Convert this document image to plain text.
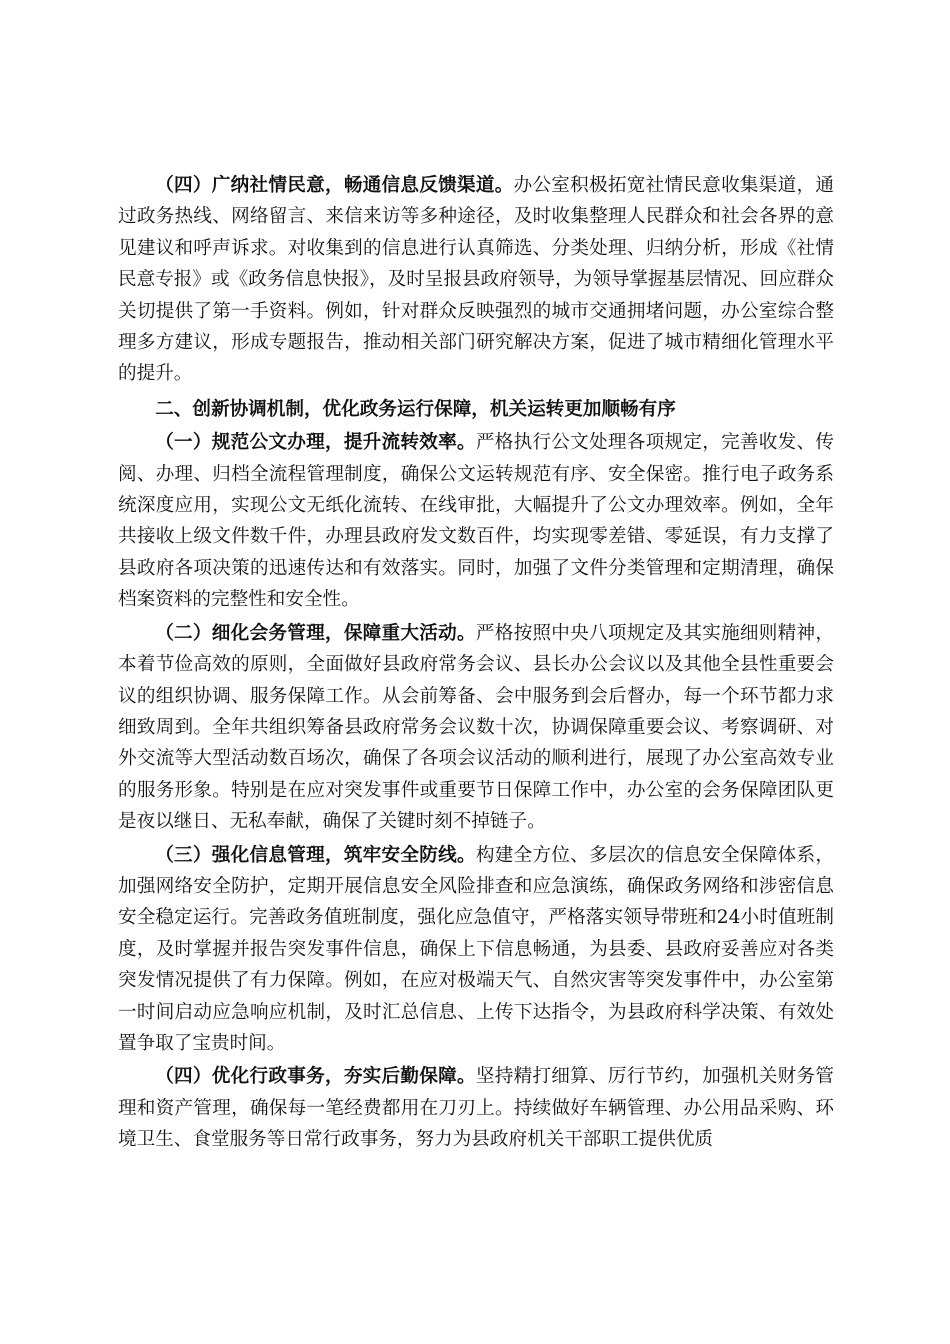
（四）广纳社情民意，畅通信息反馈渠道。办公室积极拓宽社情民意收集渠道，通过政务热线、网络留言、来信来访等多种途径，及时收集整理人民群众和社会各界的意见建议和呼声诉求。对收集到的信息进行认真筛选、分类处理、归纳分析，形成《社情民意专报》或《政务信息快报》，及时呈报县政府领导，为领导掌握基层情况、回应群众关切提供了第一手资料。例如，针对群众反映强烈的城市交通拥堵问题，办公室综合整理多方建议，形成专题报告，推动相关部门研究解决方案，促进了城市精细化管理水平的提升。

二、创新协调机制，优化政务运行保障，机关运转更加顺畅有序

（一）规范公文办理，提升流转效率。严格执行公文处理各项规定，完善收发、传阅、办理、归档全流程管理制度，确保公文运转规范有序、安全保密。推行电子政务系统深度应用，实现公文无纸化流转、在线审批，大幅提升了公文办理效率。例如，全年共接收上级文件数千件，办理县政府发文数百件，均实现零差错、零延误，有力支撑了县政府各项决策的迅速传达和有效落实。同时，加强了文件分类管理和定期清理，确保档案资料的完整性和安全性。

（二）细化会务管理，保障重大活动。严格按照中央八项规定及其实施细则精神，本着节俭高效的原则，全面做好县政府常务会议、县长办公会议以及其他全县性重要会议的组织协调、服务保障工作。从会前筹备、会中服务到会后督办，每一个环节都力求细致周到。全年共组织筹备县政府常务会议数十次，协调保障重要会议、考察调研、对外交流等大型活动数百场次，确保了各项会议活动的顺利进行，展现了办公室高效专业的服务形象。特别是在应对突发事件或重要节日保障工作中，办公室的会务保障团队更是夜以继日、无私奉献，确保了关键时刻不掉链子。

（三）强化信息管理，筑牢安全防线。构建全方位、多层次的信息安全保障体系，加强网络安全防护，定期开展信息安全风险排查和应急演练，确保政务网络和涉密信息安全稳定运行。完善政务值班制度，强化应急值守，严格落实领导带班和24小时值班制度，及时掌握并报告突发事件信息，确保上下信息畅通，为县委、县政府妥善应对各类突发情况提供了有力保障。例如，在应对极端天气、自然灾害等突发事件中，办公室第一时间启动应急响应机制，及时汇总信息、上传下达指令，为县政府科学决策、有效处置争取了宝贵时间。

（四）优化行政事务，夯实后勤保障。坚持精打细算、厉行节约，加强机关财务管理和资产管理，确保每一笔经费都用在刀刃上。持续做好车辆管理、办公用品采购、环境卫生、食堂服务等日常行政事务，努力为县政府机关干部职工提供优质
